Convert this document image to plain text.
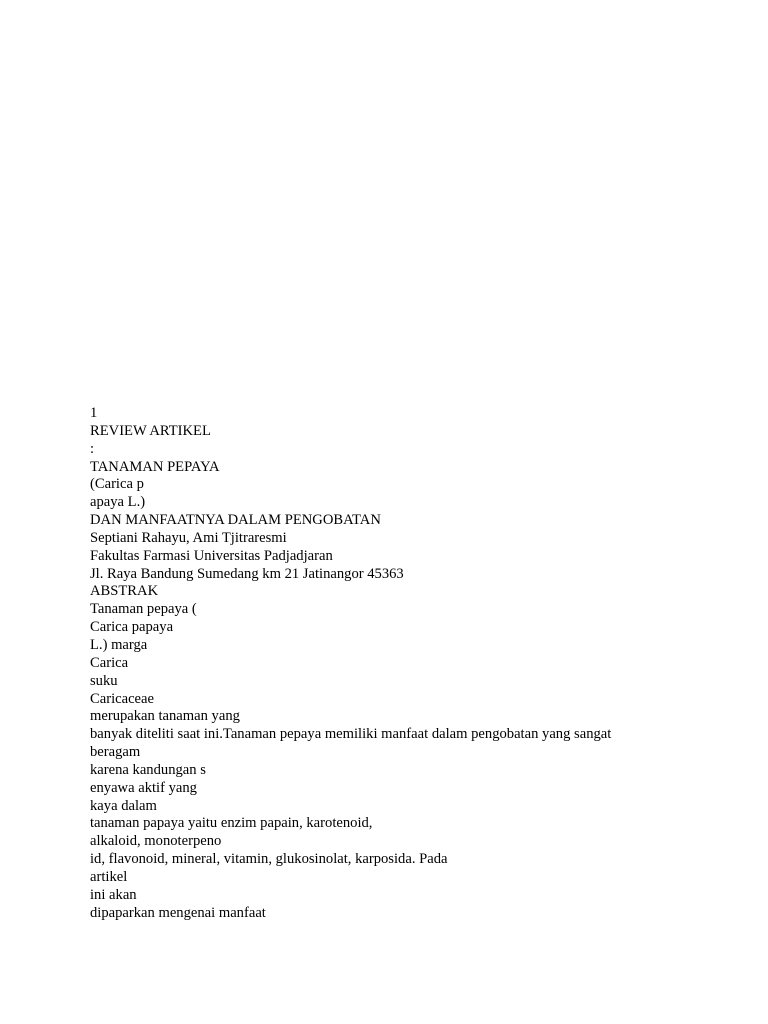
1
REVIEW ARTIKEL
:
TANAMAN PEPAYA
(Carica p
apaya L.)
DAN MANFAATNYA DALAM PENGOBATAN
Septiani Rahayu, Ami Tjitraresmi
Fakultas Farmasi Universitas Padjadjaran
Jl. Raya Bandung Sumedang km 21 Jatinangor 45363
ABSTRAK
Tanaman pepaya (
Carica papaya
L.) marga
Carica
suku
Caricaceae
merupakan tanaman yang
banyak diteliti saat ini.Tanaman pepaya memiliki manfaat dalam pengobatan yang sangat
beragam
karena kandungan s
enyawa aktif yang
kaya dalam
tanaman papaya yaitu enzim papain, karotenoid,
alkaloid, monoterpeno
id, flavonoid, mineral, vitamin, glukosinolat, karposida. Pada
artikel
ini akan
dipaparkan mengenai manfaat
